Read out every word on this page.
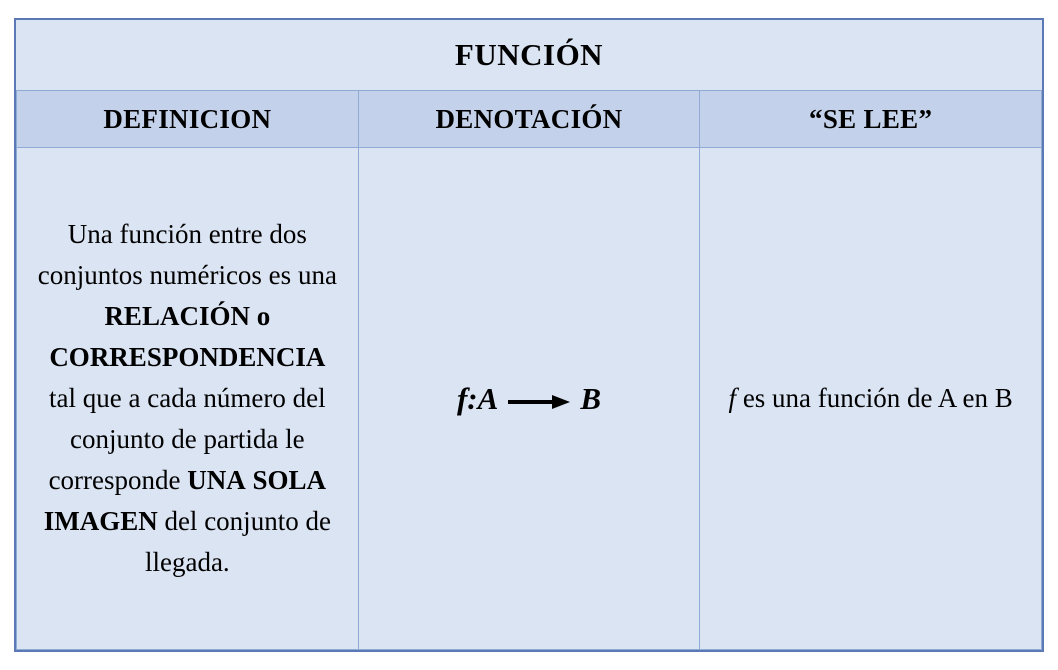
FUNCIÓN		
DEFINICION	DENOTACIÓN	“SE LEE”

Una función entre dos conjuntos numéricos es una RELACIÓN o CORRESPONDENCIA tal que a cada número del conjunto de partida le corresponde UNA SOLA IMAGEN del conjunto de llegada.	f:A B	f es una función de A en B
